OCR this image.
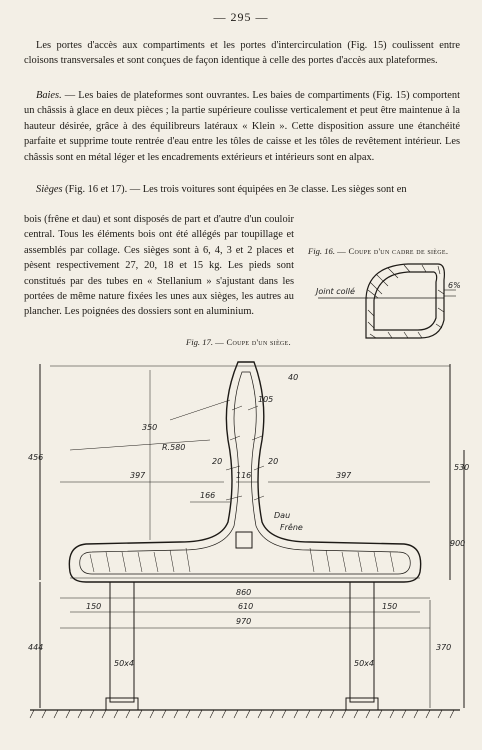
— 295 —
Les portes d'accès aux compartiments et les portes d'intercirculation (Fig. 15) coulissent entre cloisons transversales et sont conçues de façon identique à celle des portes d'accès aux plateformes.
Baies. — Les baies de plateformes sont ouvrantes. Les baies de compartiments (Fig. 15) comportent un châssis à glace en deux pièces ; la partie supérieure coulisse verticalement et peut être maintenue à la hauteur désirée, grâce à des équilibreurs latéraux « Klein ». Cette disposition assure une étanchéité parfaite et supprime toute rentrée d'eau entre les tôles de caisse et les tôles de revêtement intérieur. Les châssis sont en métal léger et les encadrements extérieurs et intérieurs sont en alpax.
Sièges (Fig. 16 et 17). — Les trois voitures sont équipées en 3e classe. Les sièges sont en
bois (frêne et dau) et sont disposés de part et d'autre d'un couloir central. Tous les éléments bois ont été allégés par toupillage et assemblés par collage. Ces sièges sont à 6, 4, 3 et 2 places et pèsent respectivement 27, 20, 18 et 15 kg. Les pieds sont constitués par des tubes en « Stellanium » s'ajustant dans les portées de même nature fixées les unes aux sièges, les autres au plancher. Les poignées des dossiers sont en aluminium.
Fig. 16. — Coupe d'un cadre de siège.
Joint collé
6%
Fig. 17. — Coupe d'un siège.
350
456
40
105
R.580
397	397
116
20	20
166
530
900
860
610
150	150
970
444	370
50x4	50x4
Dau
Frêne
